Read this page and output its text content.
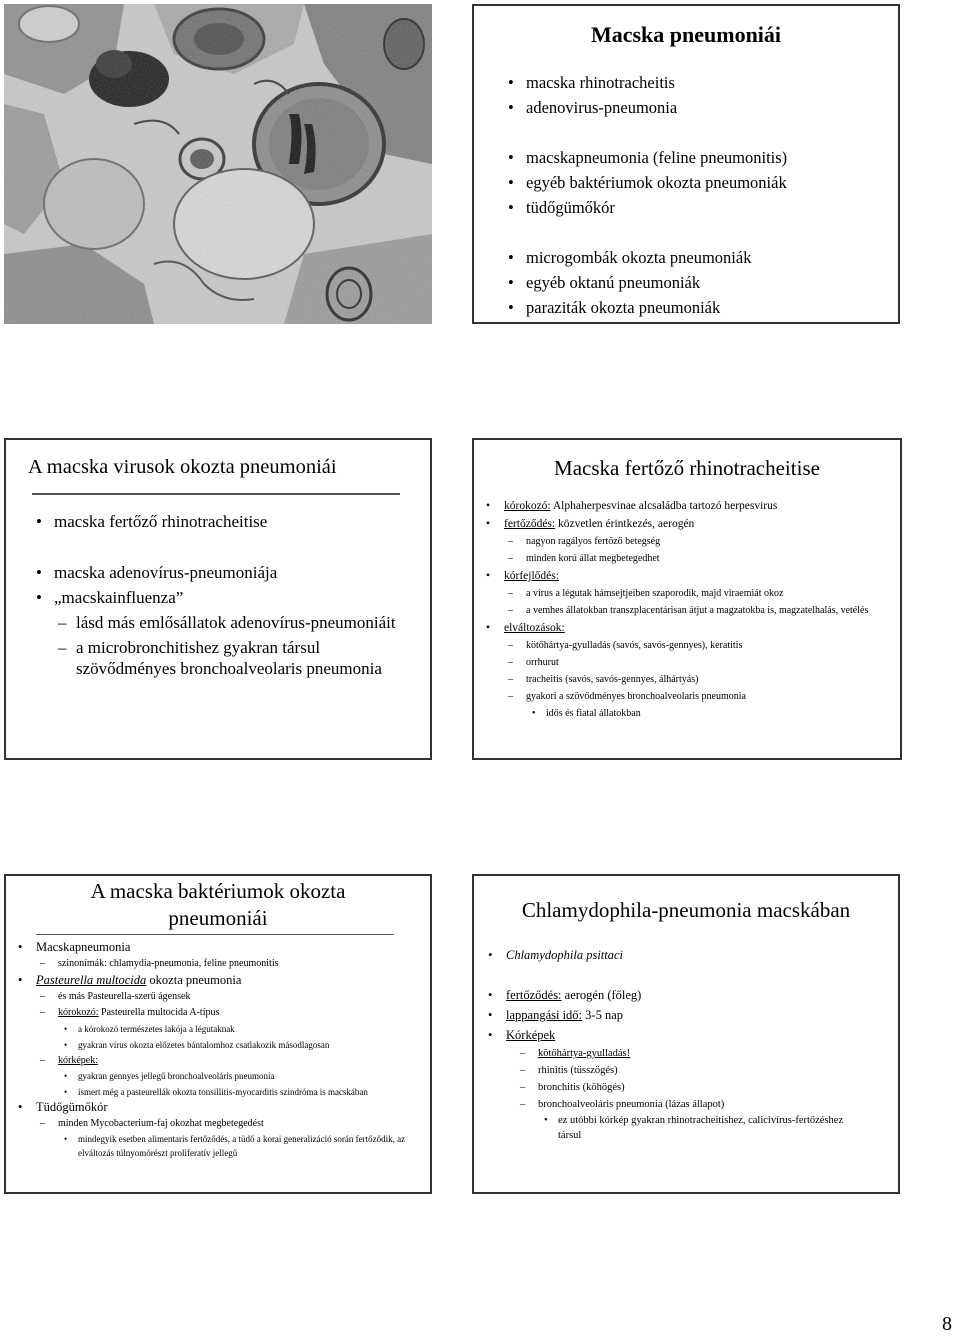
Macska pneumoniái
• macska rhinotracheitis
• adenovirus-pneumonia
• macskapneumonia (feline pneumonitis)
• egyéb baktériumok okozta pneumoniák
• tüdőgümőkór
• microgombák okozta pneumoniák
• egyéb oktanú pneumoniák
• paraziták okozta pneumoniák
A macska virusok okozta pneumoniái
• macska fertőző rhinotracheitise
• macska adenovírus-pneumoniája
• „macskainfluenza”
– lásd más emlősállatok adenovírus-pneumoniáit
– a microbronchitishez gyakran társul szövődményes bronchoalveolaris pneumonia
Macska fertőző rhinotracheitise
• kórokozó: Alphaherpesvinae alcsaládba tartozó herpesvirus
• fertőződés: közvetlen érintkezés, aerogén
– nagyon ragályos fertőző betegség
– minden korú állat megbetegedhet
• kórfejlődés:
– a vírus a légutak hámsejtjeiben szaporodik, majd viraemiát okoz
– a vemhes állatokban transzplacentárisan átjut a magzatokba is, magzatelhalás, vetélés
• elváltozások:
– kötőhártya-gyulladás (savós, savós-gennyes), keratitis
– orrhurut
– tracheitis (savós, savós-gennyes, álhártyás)
– gyakori a szövődményes bronchoalveolaris pneumonia
• idős és fiatal állatokban
A macska baktériumok okozta pneumoniái
• Macskapneumonia
– szinonímák: chlamydia-pneumonia, feline pneumonitis
• Pasteurella multocida okozta pneumonia
– és más Pasteurella-szerű ágensek
– kórokozó: Pasteurella multocida A-típus
• a kórokozó természetes lakója a légutaknak
• gyakran vírus okozta előzetes bántalomhoz csatlakozik másodlagosan
– kórképek:
• gyakran gennyes jellegű bronchoalveoláris pneumonia
• ismert még a pasteurellák okozta tonsillitis-myocarditis szindróma is macskában
• Tüdőgümőkór
– minden Mycobacterium-faj okozhat megbetegedést
• mindegyik esetben alimentaris fertőződés, a tüdő a korai generalizáció során fertőződik, az elváltozás túlnyomórészt proliferatív jellegű
Chlamydophila-pneumonia macskában
• Chlamydophila psittaci
• fertőződés: aerogén (főleg)
• lappangási idő: 3-5 nap
• Kórképek
– kötőhártya-gyulladás!
– rhinitis (tüsszögés)
– bronchitis (köhögés)
– bronchoalveoláris pneumonia (lázas állapot)
• ez utóbbi kórkép gyakran rhinotracheitishez, calicivírus-fertőzéshez társul
8
